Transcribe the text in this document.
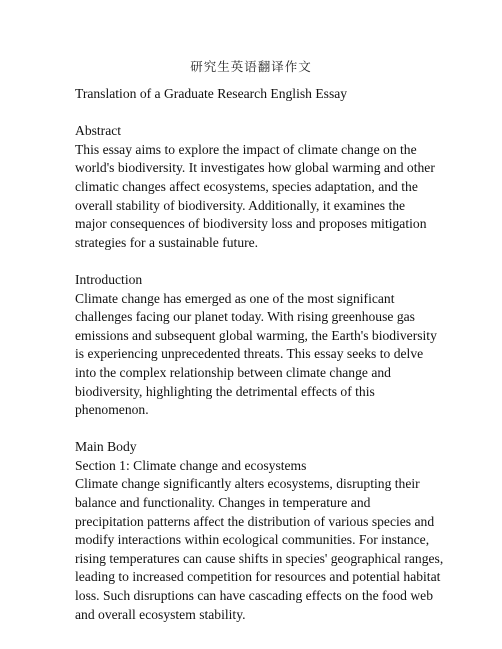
研究生英语翻译作文
Translation of a Graduate Research English Essay
Abstract
This essay aims to explore the impact of climate change on the
world's biodiversity. It investigates how global warming and other
climatic changes affect ecosystems, species adaptation, and the
overall stability of biodiversity. Additionally, it examines the
major consequences of biodiversity loss and proposes mitigation
strategies for a sustainable future.
Introduction
Climate change has emerged as one of the most significant
challenges facing our planet today. With rising greenhouse gas
emissions and subsequent global warming, the Earth's biodiversity
is experiencing unprecedented threats. This essay seeks to delve
into the complex relationship between climate change and
biodiversity, highlighting the detrimental effects of this
phenomenon.
Main Body
Section 1: Climate change and ecosystems
Climate change significantly alters ecosystems, disrupting their
balance and functionality. Changes in temperature and
precipitation patterns affect the distribution of various species and
modify interactions within ecological communities. For instance,
rising temperatures can cause shifts in species' geographical ranges,
leading to increased competition for resources and potential habitat
loss. Such disruptions can have cascading effects on the food web
and overall ecosystem stability.
